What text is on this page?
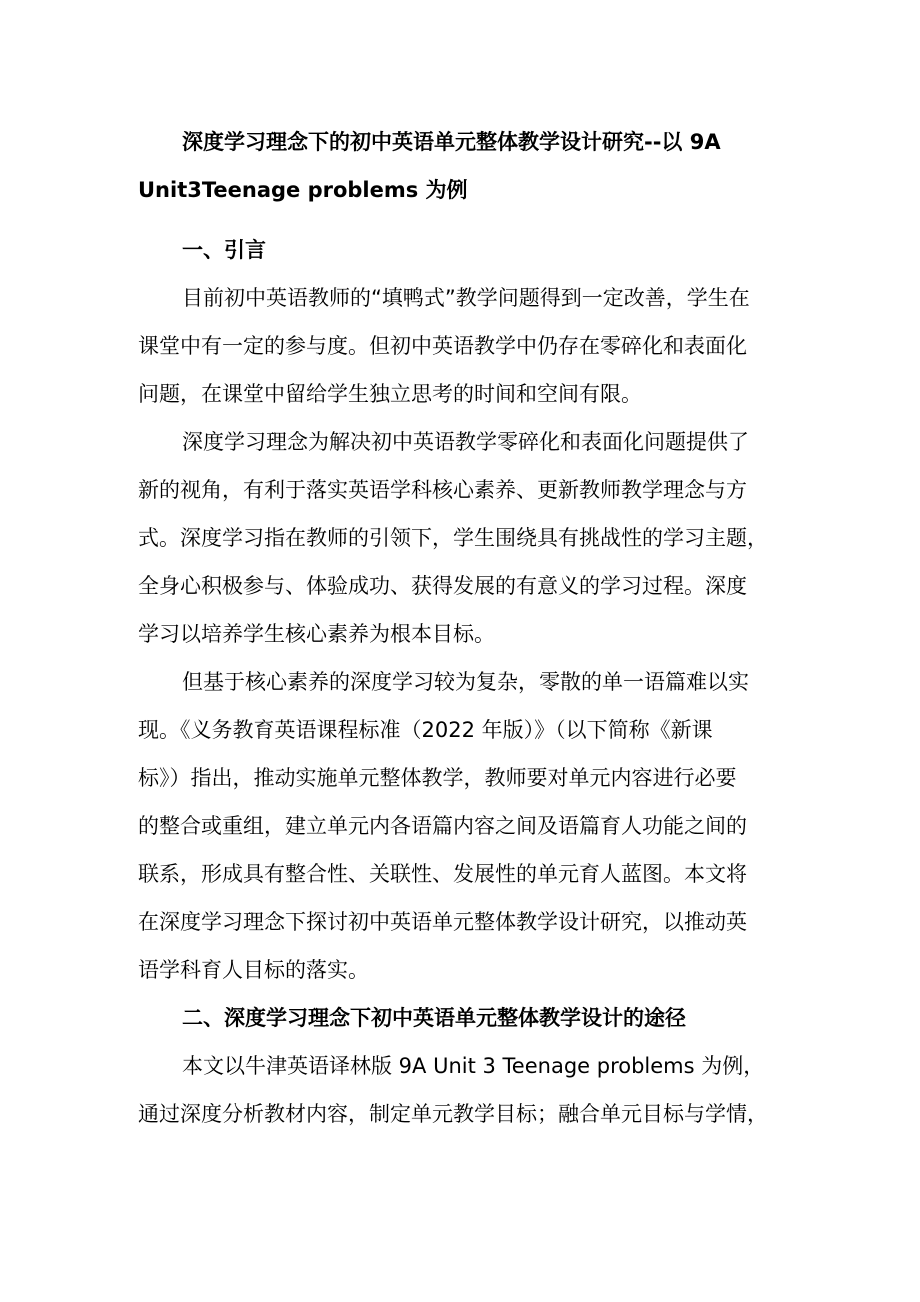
深度学习理念下的初中英语单元整体教学设计研究--以 9A
Unit3Teenage problems 为例
一、引言
目前初中英语教师的“填鸭式”教学问题得到一定改善，学生在
课堂中有一定的参与度。但初中英语教学中仍存在零碎化和表面化
问题，在课堂中留给学生独立思考的时间和空间有限。
深度学习理念为解决初中英语教学零碎化和表面化问题提供了
新的视角，有利于落实英语学科核心素养、更新教师教学理念与方
式。深度学习指在教师的引领下，学生围绕具有挑战性的学习主题，
全身心积极参与、体验成功、获得发展的有意义的学习过程。深度
学习以培养学生核心素养为根本目标。
但基于核心素养的深度学习较为复杂，零散的单一语篇难以实
现。《义务教育英语课程标准（2022 年版）》（以下简称《新课
标》）指出，推动实施单元整体教学，教师要对单元内容进行必要
的整合或重组，建立单元内各语篇内容之间及语篇育人功能之间的
联系，形成具有整合性、关联性、发展性的单元育人蓝图。本文将
在深度学习理念下探讨初中英语单元整体教学设计研究，以推动英
语学科育人目标的落实。
二、深度学习理念下初中英语单元整体教学设计的途径
本文以牛津英语译林版 9A Unit 3 Teenage problems 为例，
通过深度分析教材内容，制定单元教学目标；融合单元目标与学情，
